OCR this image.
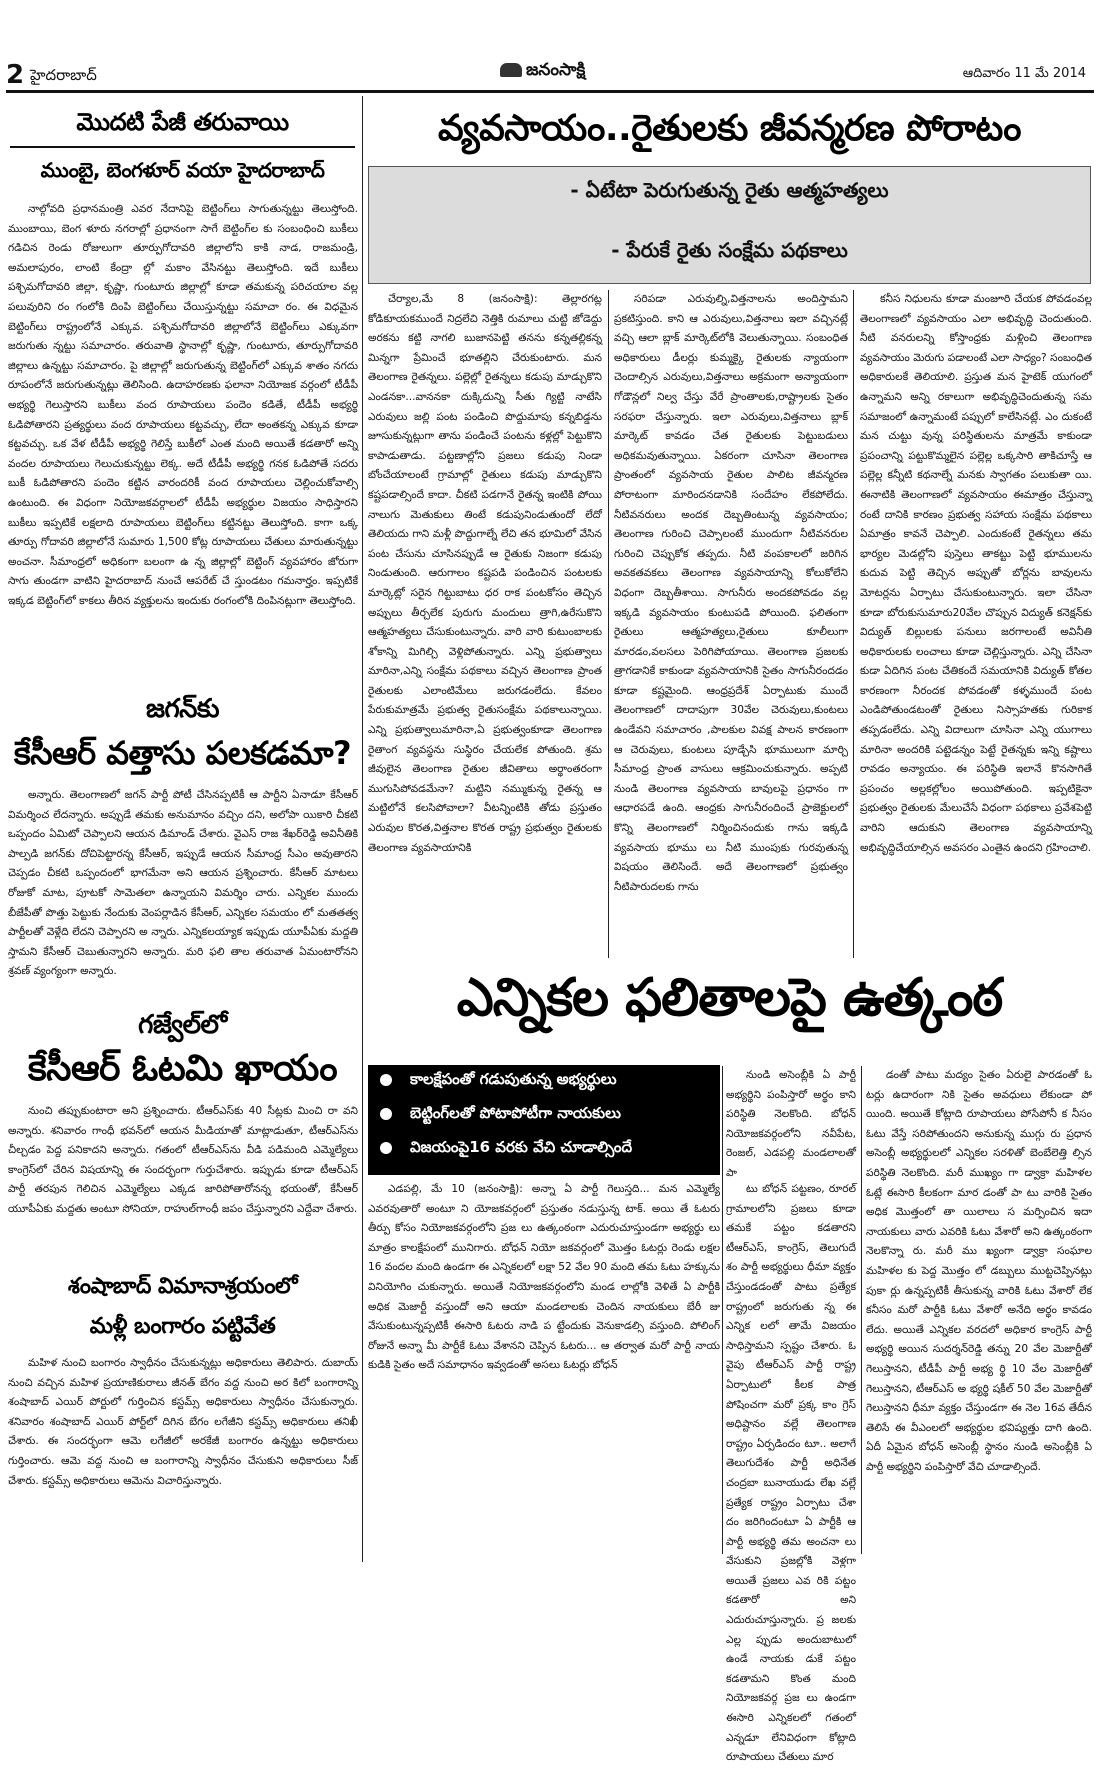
2 హైదరాబాద్	జనంసాక్షి	ఆదివారం 11 మే 2014
మొదటి పేజీ తరువాయి
ముంబై, బెంగళూర్ వయా హైదరాబాద్

నాల్గోవది ప్రధానమంత్రి ఎవర నేదానిపై బెట్టింగ్‌లు సాగుతున్నట్టు తెలుస్తోంది. ముంబాయి, బెంగ ళూరు నగరాల్లో ప్రధానంగా సాగే బెట్టింగ్‌ల కు సంబంధించి బుకీలు గడిచిన రెండు రోజులుగా తూర్పుగోదావరి జిల్లాలోని కాకి నాడ, రాజమండ్రి, అమలాపురం, లాంటి కేంద్రా ల్లో మకాం వేసినట్టు తెలుస్తోంది. ఇదే బుకీలు పశ్చిమగోదావరి జిల్లా, కృష్ణా, గుంటూరు జిల్లాల్లో కూడా తమకున్న పరిచయాల వల్ల పలువురిని రం గంలోకి దింపి బెట్టింగ్‌లు చేయిస్తున్నట్టు సమాచా రం. ఈ విధమైన బెట్టింగ్‌లు రాష్ట్రంలోనే ఎక్కువ. పశ్చిమగోదావరి జిల్లాలోనే బెట్టింగ్‌లు ఎక్కువగా జరుగుతు న్నట్టు సమాచారం. తరువాతి స్థానాల్లో కృష్ణా, గుంటూరు, తూర్పుగోదావరి జిల్లాలు ఉన్నట్టు సమాచారం. పై జిల్లాల్లో జరుగుతున్న బెట్టింగ్‌లో ఎక్కువ శాతం నగదు రూపంలోనే జరుగుతున్నట్లు తెలిసింది. ఉదాహరణకు ఫలానా నియోజక వర్గంలో టీడీపీ అభ్యర్థి గెలుస్తారని బుకీలు వంద రూపాయలు పందెం కడితే, టీడీపీ అభ్యర్థి ఓడిపోతారని ప్రత్యర్థులు వంద రూపాయలు కట్టవచ్చు, లేదా అంతకన్న ఎక్కువ కూడా కట్టవచ్చు. ఒక వేళ టీడీపీ అభ్యర్థి గెలిస్తే బుకీలో ఎంత మంది అయితే కడతారో అన్ని వందల రూపాయలు గెలుచుకున్నట్టు లెక్క. అదే టీడీపీ అభ్యర్థి గనక ఓడిపోతే సదరు బుకీ ఓడిపోతారని పందెం కట్టిన వారందరికీ వంద రూపాయలు చెల్లించుకోవాల్సి ఉంటుంది. ఈ విధంగా నియోజకవర్గాలలో టీడీపీ అభ్యర్థుల విజయం సాధిస్తారని బుకీలు ఇప్పటికే లక్షలాది రూపాయలు బెట్టింగ్‌లు కట్టినట్టు తెలుస్తోంది. కాగా ఒక్క తూర్పు గోదావరి జిల్లాలోనే సుమారు 1,500 కోట్ల రూపాయలు చేతులు మారుతున్నట్టు అంచనా. సీమాంధ్రలో అధికంగా బలంగా ఉ న్న జిల్లాల్లో బెట్టింగ్ వ్యవహారం జోరుగా సాగు తుండగా వాటిని హైదరాబాద్ నుంచే ఆపరేట్ చే స్తుండటం గమనార్హం. ఇప్పటికే ఇక్కడ బెట్టింగ్‌లో కాకలు తీరిన వ్యక్తులను ఇందుకు రంగంలోకి దింపినట్లుగా తెలుస్తోంది.

జగన్‌కు
కేసీఆర్ వత్తాసు పలకడమా?

అన్నారు. తెలంగాణలో జగన్ పార్టీ పోటీ చేసినప్పటికీ ఆ పార్టీని ఏనాడూ కేసీఆర్ విమర్శించ లేదన్నారు. అప్పుడే తమకు అనుమానం వచ్చిం దని, అలోపా యికారి చీకటి ఒప్పందం ఏమిటో చెప్పాలని ఆయన డిమాండ్ చేశారు. వైఎస్ రాజ శేఖర్‌రెడ్డి అవినీతికి పాల్పడి జగన్‌కు దోచిపెట్టారన్న కేసీఆర్, ఇప్పుడే ఆయన సీమాంధ్ర సీఎం అవుతారని చెప్పడం చీకటి ఒప్పందంలో భాగమేనా అని ఆయన ప్రశ్నించారు. కేసీఆర్ మాటలు రోజుకో మాట, పూటకో సామెతలా ఉన్నాయని విమర్శిం చారు. ఎన్నికల ముందు బీజేపీతో పొత్తు పెట్టుకు నేందుకు వెంపర్లాడిన కేసీఆర్, ఎన్నికల సమయం లో మతతత్వ పార్టీలతో వెళ్లేది లేదని చెప్పారని అ న్నారు. ఎన్నికలయ్యాక ఇప్పుడు యూపీఏకు మద్దతి స్తామని కేసీఆర్ చెబుతున్నారని అన్నారు. మరి ఫలి తాల తరువాత ఏమంటారోనని శ్రవణ్ వ్యంగ్యంగా అన్నారు.

గజ్వేల్‌లో
కేసీఆర్ ఓటమి ఖాయం

నుంచి తప్పుకుంటారా అని ప్రశ్నించారు. టీఆర్ఎస్‌కు 40 సీట్లకు మించి రా వని అన్నారు. శనివారం గాంధీ భవన్‌లో ఆయన మీడియాతో మాట్లాడుతూ, టీఆర్ఎస్‌ను చీల్చడం పెద్ద పనికాదని అన్నారు. గతంలో టీఆర్ఎస్‌ను వీడి పడిమంది ఎమ్మెల్యేలు కాంగ్రెస్‌లో చేరిన విషయాన్ని ఈ సందర్భంగా గుర్తుచేశారు. ఇప్పుడు కూడా టీఆర్ఎస్ పార్టీ తరపున గెలిచిన ఎమ్మెల్యేలు ఎక్కడ జారిపోతారోనన్న భయంతో, కేసీఆర్ యూపీఏకు మద్దతు అంటూ సోనియా, రాహుల్‌గాంధీ జపం చేస్తున్నారని ఎద్దేవా చేశారు.

శంషాబాద్ విమానాశ్రయంలో
మళ్లీ బంగారం పట్టివేత

మహిళ నుంచి బంగారం స్వాధీనం చేసుకున్నట్లు అధికారులు తెలిపారు. దుబాయ్ నుంచి వచ్చిన మహిళ ప్రయాణికురాలు జీనత్ బేగం వద్ద నుంచి అర కిలో బంగారాన్ని శంషాబాద్ ఎయిర్ పోర్టులో గుర్తించిన కస్టమ్స్ అధికారులు స్వాధీనం చేసుకున్నారు. శనివారం శంషాబాద్ ఎయిర్ పోర్ట్‌లో దిగిన బేగం లగేజీని కస్టమ్స్ అధికారులు తనిఖీ చేశారు. ఈ సందర్భంగా ఆమె లగేజీలో అరకేజీ బంగారం ఉన్నట్టు అధికారులు గుర్తించారు. ఆమె వద్ద నుంచి ఆ బంగారాన్ని స్వాధీనం చేసుకుని అధికారులు సీజ్ చేశారు. కస్టమ్స్ అధికారులు ఆమెను విచారిస్తున్నారు.

వ్యవసాయం..రైతులకు జీవన్మరణ పోరాటం
- ఏటేటా పెరుగుతున్న రైతు ఆత్మహత్యలు
- పేరుకే రైతు సంక్షేమ పథకాలు

చేర్యాల,మే 8 (జనంసాక్షి): తెల్లారగట్ల కోడికూయకముందే నిద్రలేచి నెత్తికి రుమాలు చుట్టి జోడెద్దు అరకను కట్టి నాగలి బుజానపెట్టి తనను కన్నతల్లికన్న మిన్నగా ప్రేమించే భూతల్లిని చేరుకుంటారు. మన తెలంగాణ రైతన్నలు. పల్లెల్లో రైతన్నలు కడుపు మాడ్చుకొని ఎండనకా...వాననకా దుక్కిదున్ని సీతు గ్యిట్టి నాటేసి ఎరువులు జల్లి పంట పండించి పొద్దుమాపు కన్నబిడ్డను జూసుకున్నట్లుగా తాను పండించే పంటను కళ్లల్లో పెట్టుకొని కాపాడుతాడు. పట్టణాల్లోని ప్రజలు కడుపు నిండా బోంచేయాలంటే గ్రామాల్లో రైతులు కడుపు మాడ్చుకొని కష్టపడాల్సిందే కాదా. చీకటి పడగానే రైతన్న ఇంటికి పోయి నాలుగు మెతుకులు తింటే కడుపునిండుతుందో లేదో తెలియదు గాని మళ్లీ పొద్దుగాల్నే లేచి తన భూమిలో వేసిన పంట చేసును చూసినప్పుడే ఆ రైతుకు నిజంగా కడుపు నిండుతుంది. ఆరుగాలం కష్టపడి పండించిన పంటలకు మార్కెట్లో సరైన గిట్టుబాటు ధర రాక పంటకోసం తెచ్చిన అప్పులు తీర్చలేక పురుగు మందులు త్రాగి,ఉరేసుకొని ఆత్మహత్యలు చేసుకుంటున్నారు. వారి వారి కుటుంబాలకు శోకాన్ని మిగిల్చి వెళ్లిపోతున్నారు. ఎన్ని ప్రభుత్వాలు మారినా,ఎన్ని సంక్షేమ పథకాలు వచ్చిన తెలంగాణ ప్రాంత రైతులకు ఎలాంటిమేలు జరుగడంలేదు. కేవలం పేరుకుమాత్రమే ప్రభుత్వ రైతుసంక్షేమ పథకాలున్నాయి. ఎన్ని ప్రభుత్వాలుమారినా,ఏ ప్రభుత్వంకూడా తెలంగాణ రైతాంగ వ్యవస్థను సుస్థిరం చేయలేక పోతుంది. శ్రమ జీవులైన తెలంగాణ రైతుల జీవితాలు అర్థాంతరంగా ముగుసిపోవడమేనా? మట్టిని నమ్ముకున్న రైతన్న ఆ మట్టిలోనే కలసిపోవాలా? వీటన్నింటికి తోడు ప్రస్తుతం ఎరువుల కొరత,విత్తనాల కొరత రాష్ట్ర ప్రభుత్వం రైతులకు తెలంగాణ వ్యవసాయానికి

సరిపడా ఎరువుల్ని,విత్తనాలను అందిస్తామని ప్రకటిస్తుంది. కాని ఆ ఎరువులు,విత్తనాలు ఇలా వచ్చినట్లే వచ్చి ఆలా బ్లాక్ మార్కెట్‌లోకి వెలుతున్నాయి. సంబంధిత అధికారులు డీలర్లు కుమ్మక్కై రైతులకు న్యాయంగా చెందాల్సిన ఎరువులు,విత్తనాలు అక్రమంగా అన్యాయంగా గోడౌన్లలో నిల్వ చేస్తు వేరే ప్రాంతాలకు,రాష్ట్రాలకు సైతం సరఫరా చేస్తున్నారు. ఇలా ఎరువులు,విత్తనాలు బ్లాక్ మార్కెట్ కావడం చేత రైతులకు పెట్టుబడులు అధికమవుతున్నాయి. ఏకరంగా చూసినా తెలంగాణ ప్రాంతంలో వ్యవసాయ రైతుల పాలిట జీవన్మరణ పోరాటంగా మారిందనడానికి సందేహం లేకపోలేదు. నీటివనరులు అందక దెబ్బతింటున్న వ్యవసాయం; తెలంగాణ గురించి చెప్పాలంటే ముందుగా నీటివనరుల గురించి చెప్పుకోక తప్పదు. నీటి వంపకాలలో జరిగిన అవకతవకలు తెలంగాణ వ్యవసాయాన్ని కోలుకోలేని విధంగా దెబ్బతీశాయి. సాగునీరు అందకపోవడం వల్ల ఇక్కడి వ్యవసాయం కుంటుపడి పోయింది. ఫలితంగా రైతులు ఆత్మహత్యలు,రైతులు కూలీలుగా మారడం,వలసలు పెరిగిపోయాయి. తెలంగాణ ప్రజలకు త్రాగడానికే కాకుండా వ్యవసాయానికి సైతం సాగునీరందడం కూడా కష్టమైంది. ఆంధ్రప్రదేశ్ ఏర్పాటుకు ముందే తెలంగాణలో దాదాపుగా 30వేల చెరువులు,కుంటలు ఉండేవని సమాచారం ,పాలకుల వివక్ష పాలన కారణంగా ఆ చెరువులు, కుంటలు పూడ్చేసి భూములుగా మార్చి సీమాంధ్ర ప్రాంత వాసులు ఆక్రమించుకున్నారు. అప్పటి నుండి తెలంగాణ వ్యవసాయ బావులపై ప్రధానం గా ఆధారపడే ఉంది. ఆంధ్రకు సాగునీరందించే ప్రాజెక్టులలో కొన్ని తెలంగాణలో నిర్మించినందుకు గాను ఇక్కడి వ్యవసాయ భూము లు నీటి ముంపుకు గురవుతున్న విషయం తెలిసిందే. అదే తెలంగాణలో ప్రభుత్వం నీటిపారుదలకు గాను

కనీస నిధులను కూడా మంజూరి చేయక పోవడంవల్ల తెలంగాణలో వ్యవసాయం ఎలా అభివృద్ధి చెందుతుంది. నీటి వనరులన్ని కోస్తాంధ్రకు మళ్లించి తెలంగాణ వ్యవసాయం మెరుగు పడాలంటే ఎలా సాధ్యం? సంబంధిత అధికారులకే తెలియాలి. ప్రస్తుత మన హైటెక్ యుగంలో ఉన్నామని అన్ని రకాలుగా అభివృద్ధిచెందుతున్న సమ సమాజంలో ఉన్నామంటే పప్పులో కాలేసినట్లే. ఎం దుకంటే మన చుట్టు వున్న పరిస్థితులను మాత్రమే కాకుండా ప్రపంచాన్ని పట్టుకొమ్మలైన పల్లెల్ల ఒక్కసారి తాకిచూస్తే ఆ పల్లెల్ల కన్నీటి కథనాల్నే మనకు స్వాగతం పలుకుతా యి. ఈనాటికి తెలంగాణలో వ్యవసాయం ఈమాత్రం చేస్తున్నా రంటే దానికి కారణం ప్రభుత్వ సహాయ సంక్షేమ పథకాలు ఏమాత్రం కావనే చెప్పాలి. ఎందుకంటే రైతన్నలు తమ భార్యల మెడల్లోని పుస్తెలు తాకట్టు పెట్టి భూములను కుదువ పెట్టి తెచ్చిన అప్పుతో బోర్లను బావులను మోటర్లను ఏర్పాటు చేసుకుంటున్నారు. ఇలా చేసినా కూడా బోరుకుసుమారు20వేల చొప్పున విద్యుత్ కనెక్షన్‌కు విద్యుత్ బిల్లులకు పనులు జరగాలంటే అవినీతి అధికారులకు లంచాలు కూడా చెల్లిస్తున్నారు. ఎన్ని చేసినా కుడా ఏదిగిన పంట చేతికందే సమయానికి విద్యుత్ కోతల కారణంగా నీరందక పోవడంతో కళ్ళముందే పంట ఎండిపోతుండటంతో రైతులు నిస్సాహతకు గురికాక తప్పడంలేదు. ఎన్ని విదాలుగా చూసినా ఎన్ని యుగాలు మారినా అందరికి పట్టెడన్నం పెట్టే రైతన్నకు ఇన్ని కష్టాలు రావడం అన్యాయం. ఈ పరిస్థితి ఇలానే కొనసాగితే ప్రపంచం అల్లకల్లోలం అయిపోతుంది. ఇప్పటికైనా ప్రభుత్వం రైతులకు మేలుచేసే విధంగా పథకాలు ప్రవేశపెట్టి వారిని ఆదుకుని తెలంగాణ వ్యవసాయాన్ని అభివృద్ధిచేయాల్సిన అవసరం ఎంతైన ఉందని గ్రహించాలి.

ఎన్నికల ఫలితాలపై ఉత్కంఠ
కాలక్షేపంతో గడుపుతున్న అభ్యర్థులు
బెట్టింగ్‌లతో పోటాపోటీగా నాయకులు
విజయంపై16 వరకు వేచి చూడాల్సిందే

నుండి అసెంబ్లీకి ఏ పార్టీ అభ్యర్థిని పంపిస్తారో అర్థం కాని పరిస్థితి నెలకొంది. బోధన్ నియోజకవర్గంలోని నవీపేట, రెంజల్, ఎడపల్లి మండలాలతో పా

ఎడపల్లి, మే 10 (జనంసాక్షి): అన్నా ఏ పార్టీ గెలుస్తది... మన ఎమ్మెల్యే ఎవరవుతారో అంటూ ని యోజకవర్గంలో ప్రస్తుతం నడుస్తున్న టాక్. అయి తే ఓటరు తీర్పు కోసం నియోజకవర్గంలోని ప్రజ లు ఉత్కంఠంగా ఎదురుచూస్తుండగా అభ్యర్థు లు మాత్రం కాలక్షేపంలో మునిగారు. బోధన్ నియో జకవర్గంలో మొత్తం ఓటర్లు రెండు లక్షల 16 వందల మంది ఉండగా ఈ ఎన్నికలలో లక్షా 52 వేల 90 మంది తమ ఓటు హక్కును వినియోగిం చుకున్నారు. అయితే నియోజకవర్గంలోని మండ లాల్లోకి వెళితే ఏ పార్టీకి అధిక మెజార్టీ వస్తుందో అని ఆయా మండలాలకు చెందిన నాయకులు బేరీ జు వేసుకుంటున్నప్పటికీ ఈసారి ఓటరు నాడి ప ట్టేందుకు వెనుకాడల్సి వస్తుంది. పోలింగ్ రోజునే అన్నా మీ పార్టీకే ఓటు వేశానని చెప్పిన ఓటరు... ఆ తర్వాత మరో పార్టీ నాయ కుడికి సైతం అదే సమాధానం ఇవ్వడంతో అసలు ఓటర్లు బోధన్

టు బోధన్ పట్టణం, రూరల్ గ్రామాలలోని ప్రజలు కూడా తమకే పట్టం కడతారని టీఆర్ఎస్, కాంగ్రెస్, తెలుగుదే శం పార్టీ అభ్యర్థులు ధీమా వ్యక్తం చేస్తుండడంతో పాటు ప్రత్యేక రాష్ట్రంలో జరుగుతు న్న ఈ ఎన్నిక లలో తామే విజయం సాధిస్తామని స్పష్టం చేశారు. ఓ వైపు టీఆర్ఎస్ పార్టీ రాష్ట్ర ఏర్పాటులో కీలక పాత్ర పోషించగా మరో ప్రక్క కాం గ్రెస్ అధిష్టానం వల్లే తెలంగాణ రాష్ట్రం ఏర్పడిందం టూ.. అలాగే తెలుగుదేశం పార్టీ అధినేత చంద్రబా బునాయుడు లేఖ వల్లే ప్రత్యేక రాష్ట్రం ఏర్పాటు చేశా దం జరిగిందంటూ ఏ పార్టీకి ఆ పార్టీ అభ్యర్థి తమ అంచనా లు వేసుకుని ప్రజల్లోకి వెళ్లగా అయితే ప్రజలు ఎవ రికి పట్టం కడతారో అని ఎదురుచూస్తున్నారు. ప్ర జలకు ఎల్ల ప్పుడు అందుబాటులో ఉండే నాయకు డుకే పట్టం కడతామని కొంత మంది నియోజకవర్గ ప్రజ లు ఉండగా ఈసారి ఎన్నికలలో గతంలో ఎన్నడూ లేనివిధంగా కోట్లాది రూపాయలు చేతులు మార

డంతో పాటు మద్యం సైతం ఏరులై పారడంతో ఓ టర్లు ఉదారంగా నికి సైతం అవధులు లేకుండా పో యింది. అయితే కోట్లాది రూపాయలు పోసేపోనీ క నీసం ఓటు వేస్తే సరిపోతుందని అనుకున్న ముగ్గు రు ప్రధాన అసెంబ్లీ అభ్యర్థులలో ఎన్నికల సరళితో బెంబేలెత్తి ల్సిన పరిస్థితి నెలకొంది. మరీ ముఖ్యం గా డ్వాక్రా మహిళల ఓట్లే ఈసారి కీలకంగా మార డంతో పా టు వారికి సైతం అధిక మొత్తంలో తా యిలాలు స మర్పించిన ఇదా నాయకులు వారు ఎవరికి ఓటు వేశారో అని ఉత్కంఠంగా నెలకొన్నా రు. మరీ ము ఖ్యంగా డ్వాక్రా సంఘాల మహిళల కు పెద్ద మొత్తం లో డబ్బులు ముట్టచెప్పినట్లు పుకా ర్లు ఉన్నప్పటికీ తీసుకున్న వారికి ఓటు వేశారో లేక కనీసం మరో పార్టీకి ఓటు వేశారో అనేది అర్థం కావడం లేదు. అయితే ఎన్నికల వరదలో అధికార కాంగ్రెస్ పార్టీ అభ్యర్థి అయిన సుదర్శన్‌రెడ్డి తన్ను 20 వేల మెజార్టీతో గెలుస్తానని, టీడీపీ పార్టీ అభ్య ర్థి 10 వేల మెజార్టీతో గెలుస్తానని, టీఆర్ఎస్ అ భ్యర్థి షకీల్ 50 వేల మెజార్టీతో గెలుస్తానని ధీమా వ్యక్తం చేస్తుండగా ఈ నెల 16వ తేదీన తెలిసే ఈ వీఎంలలో అభ్యర్థుల భవిష్యత్తు దాగి ఉంది. ఏదీ ఏమైన బోధన్ అసెంబ్లీ స్థానం నుండి అసెంబ్లీకి ఏ పార్టీ అభ్యర్థిని పంపిస్తారో వేచి చూడాల్సిందే.
